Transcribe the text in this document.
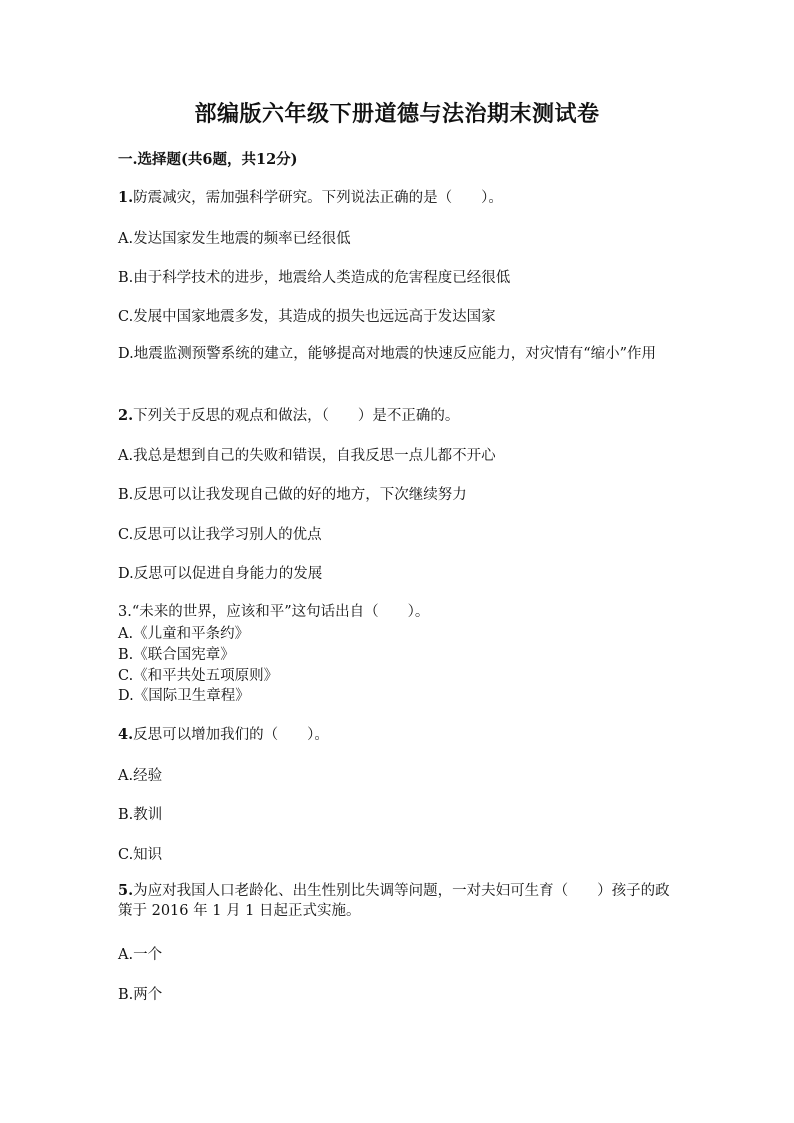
部编版六年级下册道德与法治期末测试卷
一.选择题(共6题，共12分)
1.防震减灾，需加强科学研究。下列说法正确的是（　　）。
A.发达国家发生地震的频率已经很低
B.由于科学技术的进步，地震给人类造成的危害程度已经很低
C.发展中国家地震多发，其造成的损失也远远高于发达国家
D.地震监测预警系统的建立，能够提高对地震的快速反应能力，对灾情有“缩小”作用
2.下列关于反思的观点和做法，（　　）是不正确的。
A.我总是想到自己的失败和错误，自我反思一点儿都不开心
B.反思可以让我发现自己做的好的地方，下次继续努力
C.反思可以让我学习别人的优点
D.反思可以促进自身能力的发展
3.“未来的世界，应该和平”这句话出自（　　）。
A.《儿童和平条约》
B.《联合国宪章》
C.《和平共处五项原则》
D.《国际卫生章程》
4.反思可以增加我们的（　　）。
A.经验
B.教训
C.知识
5.为应对我国人口老龄化、出生性别比失调等问题，一对夫妇可生育（　　）孩子的政策于 2016 年 1 月 1 日起正式实施。
A.一个
B.两个
